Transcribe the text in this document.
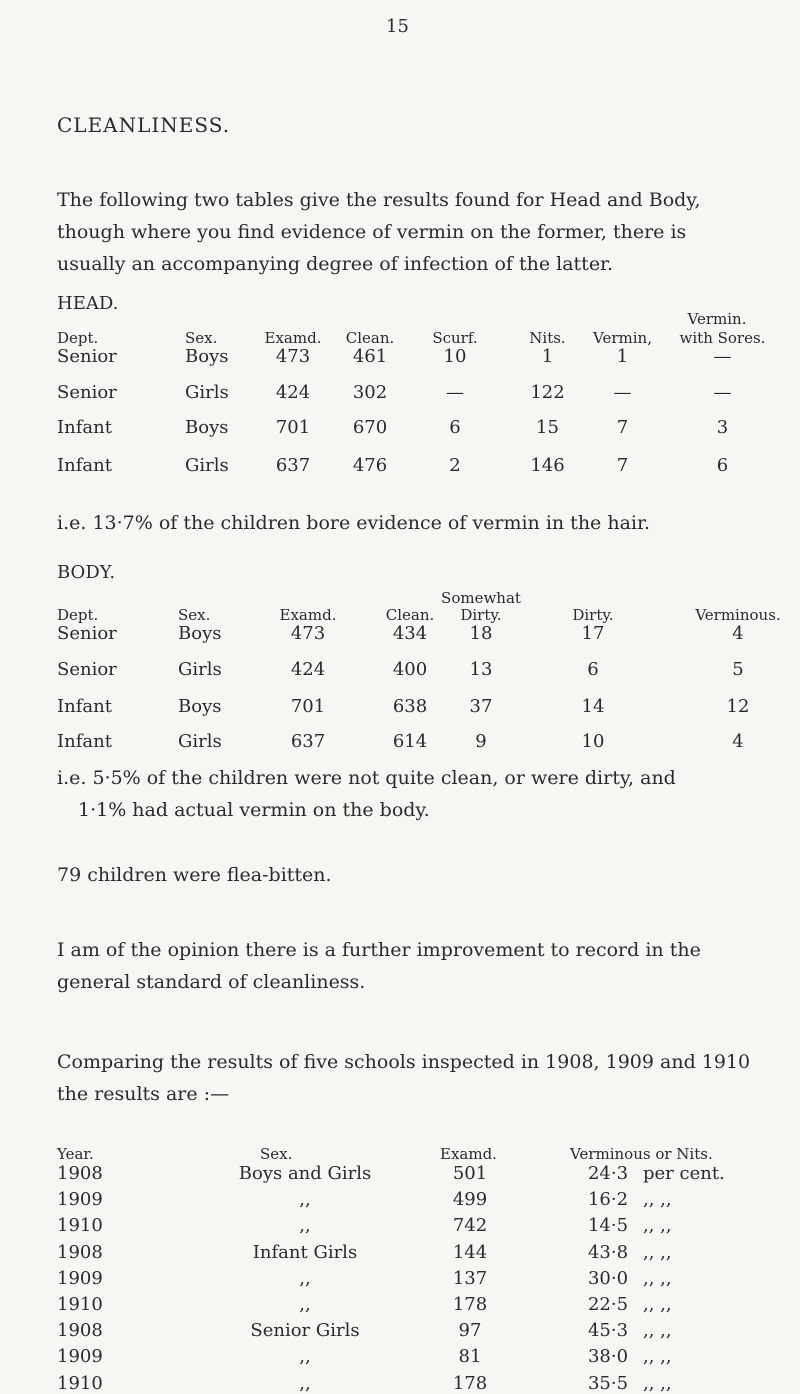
15
CLEANLINESS.
The following two tables give the results found for Head and Body, though where you find evidence of vermin on the former, there is usually an accompanying degree of infection of the latter.
HEAD.
Vermin.
Dept.	Sex.	Examd.	Clean.	Scurf.	Nits.	Vermin,	with Sores.
Senior	Boys	473	461	10	1	1	—
Senior	Girls	424	302	—	122	—	—
Infant	Boys	701	670	6	15	7	3
Infant	Girls	637	476	2	146	7	6
i.e. 13·7% of the children bore evidence of vermin in the hair.
BODY.
Somewhat
Dept.	Sex.	Examd.	Clean.	Dirty.	Dirty.	Verminous.
Senior	Boys	473	434	18	17	4
Senior	Girls	424	400	13	6	5
Infant	Boys	701	638	37	14	12
Infant	Girls	637	614	9	10	4
i.e. 5·5% of the children were not quite clean, or were dirty, and
1·1% had actual vermin on the body.
79 children were flea-bitten.
I am of the opinion there is a further improvement to record in the general standard of cleanliness.
Comparing the results of five schools inspected in 1908, 1909 and 1910 the results are :—
Year.	Sex.	Examd.	Verminous or Nits.
1908	Boys and Girls	501	24·3 per cent.
1909	,,	499	16·2 ,, ,,
1910	,,	742	14·5 ,, ,,
1908	Infant Girls	144	43·8 ,, ,,
1909	,,	137	30·0 ,, ,,
1910	,,	178	22·5 ,, ,,
1908	Senior Girls	97	45·3 ,, ,,
1909	,,	81	38·0 ,, ,,
1910	,,	178	35·5 ,, ,,
